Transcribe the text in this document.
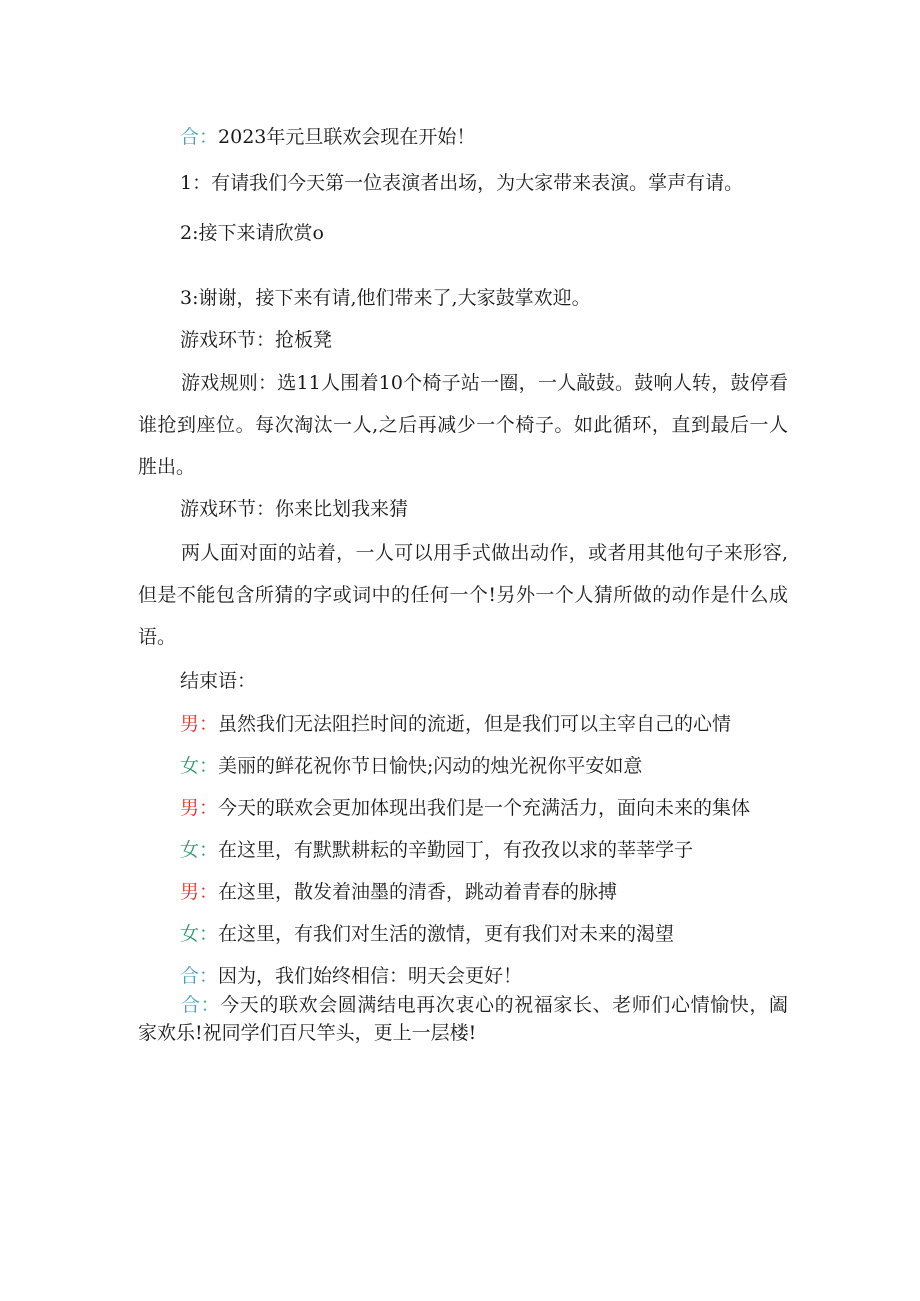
合：2023年元旦联欢会现在开始！
1：有请我们今天第一位表演者出场，为大家带来表演。掌声有请。
2:接下来请欣赏o
3:谢谢，接下来有请,他们带来了,大家鼓掌欢迎。
游戏环节：抢板凳
游戏规则：选11人围着10个椅子站一圈，一人敲鼓。鼓响人转，鼓停看谁抢到座位。每次淘汰一人,之后再减少一个椅子。如此循环，直到最后一人胜出。
游戏环节：你来比划我来猜
两人面对面的站着，一人可以用手式做出动作，或者用其他句子来形容,但是不能包含所猜的字或词中的任何一个!另外一个人猜所做的动作是什么成语。
结束语：
男：虽然我们无法阻拦时间的流逝，但是我们可以主宰自己的心情
女：美丽的鲜花祝你节日愉快;闪动的烛光祝你平安如意
男：今天的联欢会更加体现出我们是一个充满活力，面向未来的集体
女：在这里，有默默耕耘的辛勤园丁，有孜孜以求的莘莘学子
男：在这里，散发着油墨的清香，跳动着青春的脉搏
女：在这里，有我们对生活的激情，更有我们对未来的渴望
合：因为，我们始终相信：明天会更好！
合：今天的联欢会圆满结电再次衷心的祝福家长、老师们心情愉快，阖家欢乐!祝同学们百尺竿头，更上一层楼!
